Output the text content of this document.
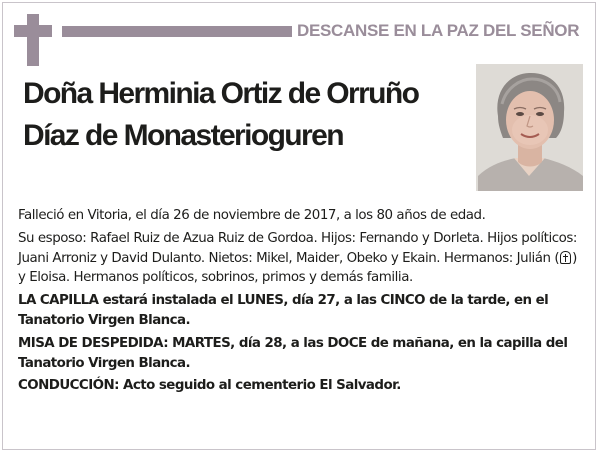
DESCANSE EN LA PAZ DEL SEÑOR
Doña Herminia Ortiz de Orruño
Díaz de Monasterioguren

Falleció en Vitoria, el día 26 de noviembre de 2017, a los 80 años de edad.

Su esposo: Rafael Ruiz de Azua Ruiz de Gordoa. Hijos: Fernando y Dorleta. Hijos políticos: Juani Arroniz y David Dulanto. Nietos: Mikel, Maider, Obeko y Ekain. Hermanos: Julián ( ) y Eloisa. Hermanos políticos, sobrinos, primos y demás familia.

LA CAPILLA estará instalada el LUNES, día 27, a las CINCO de la tarde, en el Tanatorio Virgen Blanca.

MISA DE DESPEDIDA: MARTES, día 28, a las DOCE de mañana, en la capilla del Tanatorio Virgen Blanca.

CONDUCCIÓN: Acto seguido al cementerio El Salvador.
